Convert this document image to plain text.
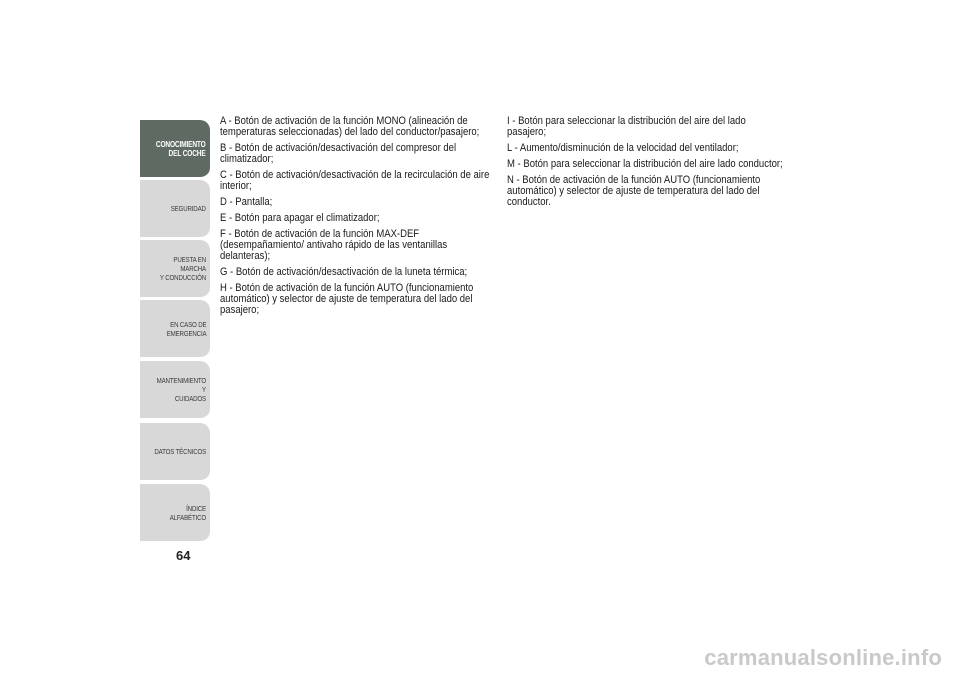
CONOCIMIENTO
DEL COCHE
SEGURIDAD
PUESTA EN MARCHA
Y CONDUCCIÓN
EN CASO DE
EMERGENCIA
MANTENIMIENTO Y
CUIDADOS
DATOS TÉCNICOS
ÍNDICE ALFABÉTICO
64

A - Botón de activación de la función MONO (alineación de temperaturas seleccionadas) del lado del conductor/pasajero;

B - Botón de activación/desactivación del compresor del climatizador;

C - Botón de activación/desactivación de la recirculación de aire interior;

D - Pantalla;

E - Botón para apagar el climatizador;

F - Botón de activación de la función MAX-DEF (desempañamiento/ antivaho rápido de las ventanillas delanteras);

G - Botón de activación/desactivación de la luneta térmica;

H - Botón de activación de la función AUTO (funcionamiento automático) y selector de ajuste de temperatura del lado del pasajero;

I - Botón para seleccionar la distribución del aire del lado pasajero;

L - Aumento/disminución de la velocidad del ventilador;

M - Botón para seleccionar la distribución del aire lado conductor;

N - Botón de activación de la función AUTO (funcionamiento automático) y selector de ajuste de temperatura del lado del conductor.

carmanualsonline.info
